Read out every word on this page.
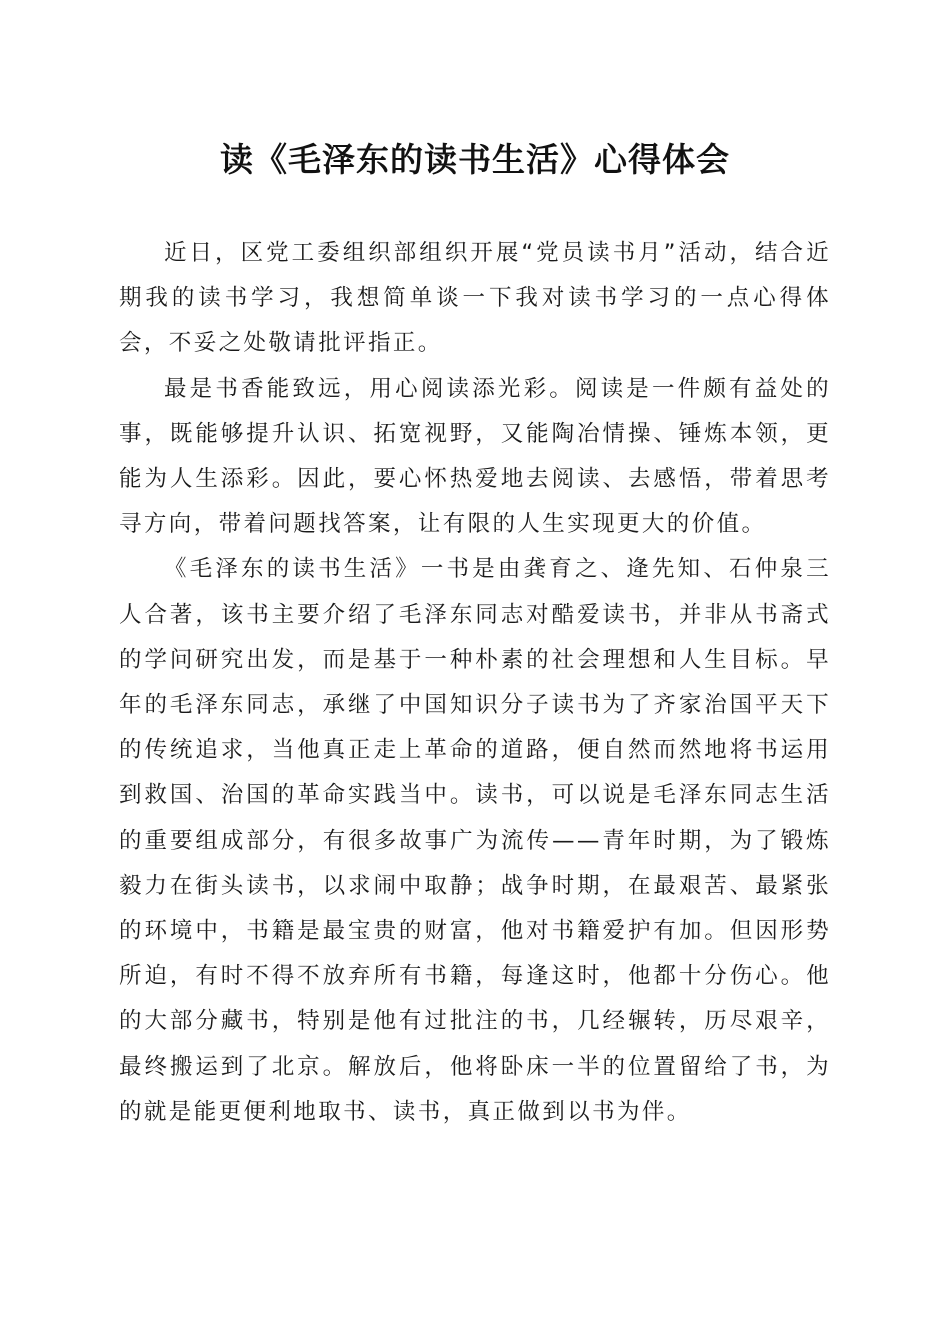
读《毛泽东的读书生活》心得体会

近日，区党工委组织部组织开展“党员读书月”活动，结合近期我的读书学习，我想简单谈一下我对读书学习的一点心得体会，不妥之处敬请批评指正。

最是书香能致远，用心阅读添光彩。阅读是一件颇有益处的事，既能够提升认识、拓宽视野，又能陶冶情操、锤炼本领，更能为人生添彩。因此，要心怀热爱地去阅读、去感悟，带着思考寻方向，带着问题找答案，让有限的人生实现更大的价值。

《毛泽东的读书生活》一书是由龚育之、逄先知、石仲泉三人合著，该书主要介绍了毛泽东同志对酷爱读书，并非从书斋式的学问研究出发，而是基于一种朴素的社会理想和人生目标。早年的毛泽东同志，承继了中国知识分子读书为了齐家治国平天下的传统追求，当他真正走上革命的道路，便自然而然地将书运用到救国、治国的革命实践当中。读书，可以说是毛泽东同志生活的重要组成部分，有很多故事广为流传——青年时期，为了锻炼毅力在街头读书，以求闹中取静；战争时期，在最艰苦、最紧张的环境中，书籍是最宝贵的财富，他对书籍爱护有加。但因形势所迫，有时不得不放弃所有书籍，每逢这时，他都十分伤心。他的大部分藏书，特别是他有过批注的书，几经辗转，历尽艰辛，最终搬运到了北京。解放后，他将卧床一半的位置留给了书，为的就是能更便利地取书、读书，真正做到以书为伴。
